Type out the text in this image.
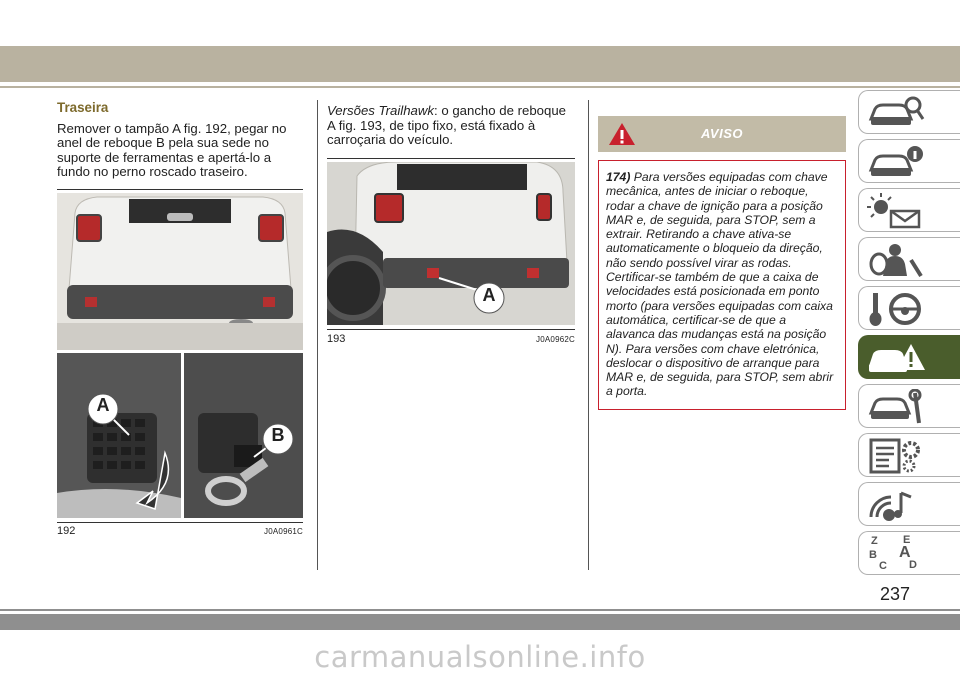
Traseira

Remover o tampão A fig. 192, pegar no anel de reboque B pela sua sede no suporte de ferramentas e apertá-lo a fundo no perno roscado traseiro.

A
B
192	J0A0961C

Versões Trailhawk: o gancho de reboque A fig. 193, de tipo fixo, está fixado à carroçaria do veículo.

A
193	J0A0962C
AVISO
174) Para versões equipadas com chave mecânica, antes de iniciar o reboque, rodar a chave de ignição para a posição MAR e, de seguida, para STOP, sem a extrair. Retirando a chave ativa-se automaticamente o bloqueio da direção, não sendo possível virar as rodas. Certificar-se também de que a caixa de velocidades está posicionada em ponto morto (para versões equipadas com caixa automática, certificar-se de que a alavanca das mudanças está na posição N). Para versões com chave eletrónica, deslocar o dispositivo de arranque para MAR e, de seguida, para STOP, sem abrir a porta.
Z E
B A
C D
237
carmanualsonline.info
